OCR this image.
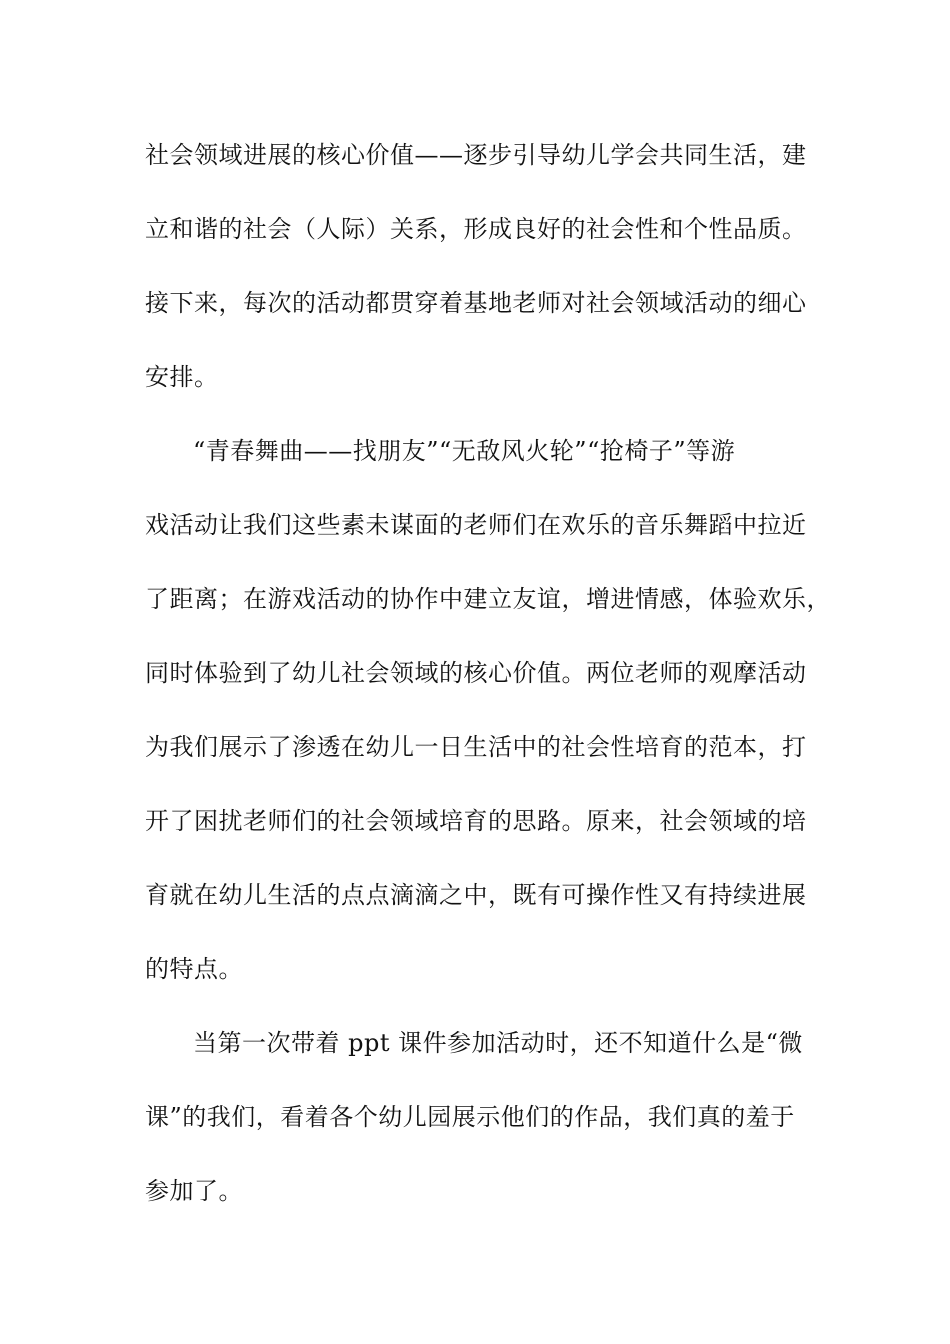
社会领域进展的核心价值——逐步引导幼儿学会共同生活，建
立和谐的社会（人际）关系，形成良好的社会性和个性品质。
接下来，每次的活动都贯穿着基地老师对社会领域活动的细心
安排。
“青春舞曲——找朋友”“无敌风火轮”“抢椅子”等游
戏活动让我们这些素未谋面的老师们在欢乐的音乐舞蹈中拉近
了距离；在游戏活动的协作中建立友谊，增进情感，体验欢乐，
同时体验到了幼儿社会领域的核心价值。两位老师的观摩活动
为我们展示了渗透在幼儿一日生活中的社会性培育的范本，打
开了困扰老师们的社会领域培育的思路。原来，社会领域的培
育就在幼儿生活的点点滴滴之中，既有可操作性又有持续进展
的特点。
当第一次带着 ppt 课件参加活动时，还不知道什么是“微
课”的我们，看着各个幼儿园展示他们的作品，我们真的羞于
参加了。
